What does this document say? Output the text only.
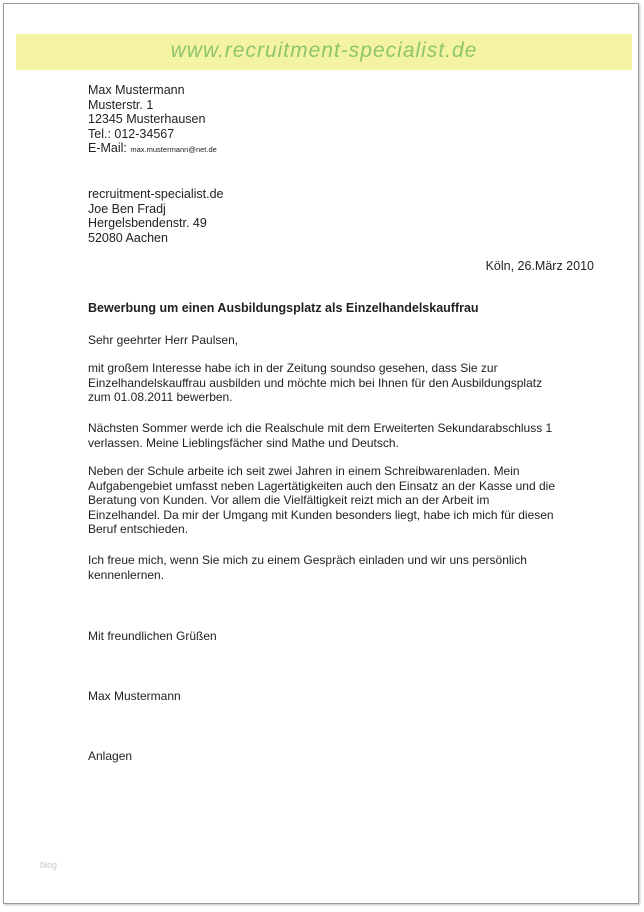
www.recruitment-specialist.de
Max Mustermann
Musterstr. 1
12345 Musterhausen
Tel.: 012-34567
E-Mail: max.mustermann@net.de
recruitment-specialist.de
Joe Ben Fradj
Hergelsbendenstr. 49
52080 Aachen
Köln, 26.März 2010
Bewerbung um einen Ausbildungsplatz als Einzelhandelskauffrau
Sehr geehrter Herr Paulsen,
mit großem Interesse habe ich in der Zeitung soundso gesehen, dass Sie zur
Einzelhandelskauffrau ausbilden und möchte mich bei Ihnen für den Ausbildungsplatz
zum 01.08.2011 bewerben.
Nächsten Sommer werde ich die Realschule mit dem Erweiterten Sekundarabschluss 1
verlassen. Meine Lieblingsfächer sind Mathe und Deutsch.
Neben der Schule arbeite ich seit zwei Jahren in einem Schreibwarenladen. Mein
Aufgabengebiet umfasst neben Lagertätigkeiten auch den Einsatz an der Kasse und die
Beratung von Kunden. Vor allem die Vielfältigkeit reizt mich an der Arbeit im
Einzelhandel. Da mir der Umgang mit Kunden besonders liegt, habe ich mich für diesen
Beruf entschieden.
Ich freue mich, wenn Sie mich zu einem Gespräch einladen und wir uns persönlich
kennenlernen.
Mit freundlichen Grüßen
Max Mustermann
Anlagen
blog
